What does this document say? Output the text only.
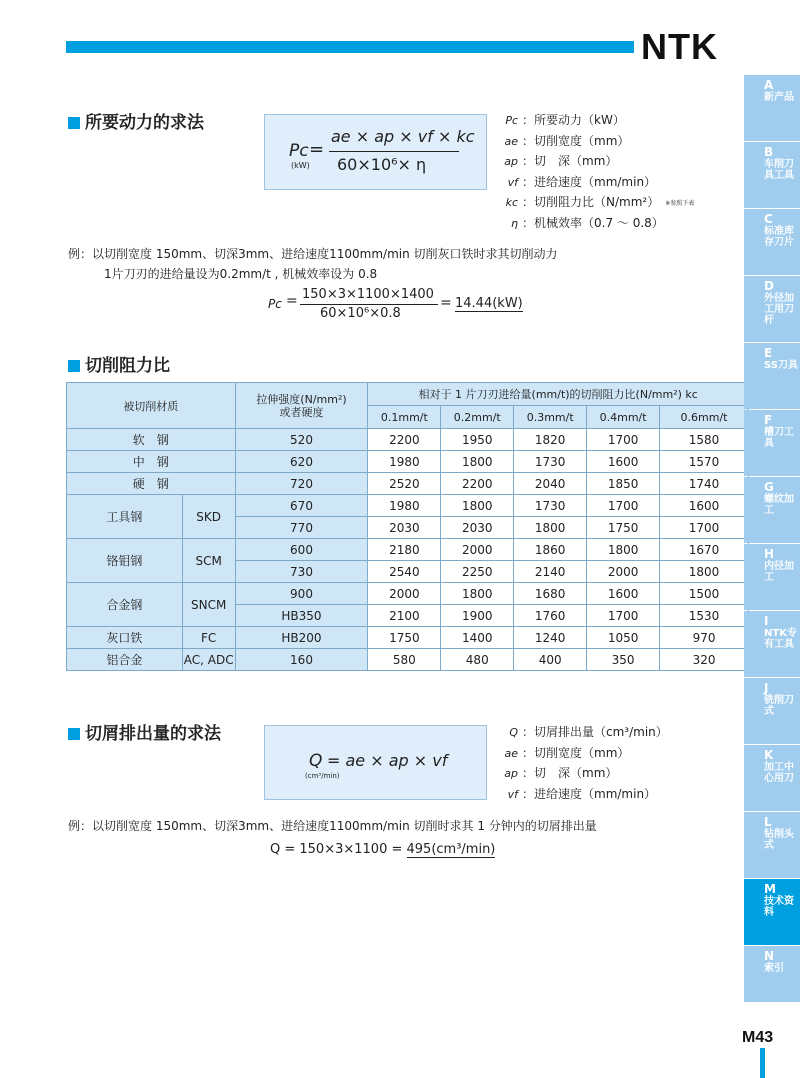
NTK
所要动力的求法
Pc
(kW)
=
ae × ap × vf × kc
60×10⁶× η
Pc ：所要动力（kW）
ae ：切削宽度（mm）
ap ：切　深（mm）
vf ：进给速度（mm/min）
kc ：切削阻力比（N/mm²） ※参照下表
η ：机械效率（0.7 ～ 0.8）
例：以切削宽度 150mm、切深3mm、进给速度1100mm/min 切削灰口铁时求其切削动力
1片刀刃的进给量设为0.2mm/t , 机械效率设为 0.8
Pc = 150×3×1100×1400
60×10⁶×0.8
= 14.44(kW)
切削阻力比
被切削材质		拉伸强度(N/mm²)
或者硬度	相对于 1 片刀刃进给量(mm/t)的切削阻力比(N/mm²) kc				
			0.1mm/t	0.2mm/t	0.3mm/t	0.4mm/t	0.6mm/t
软　钢		520	2200	1950	1820	1700	1580
中　钢		620	1980	1800	1730	1600	1570
硬　钢		720	2520	2200	2040	1850	1740
工具钢	SKD	670	1980	1800	1730	1700	1600
		770	2030	2030	1800	1750	1700
铬钼钢	SCM	600	2180	2000	1860	1800	1670
		730	2540	2250	2140	2000	1800
合金钢	SNCM	900	2000	1800	1680	1600	1500
		HB350	2100	1900	1760	1700	1530
灰口铁	FC	HB200	1750	1400	1240	1050	970
铝合金	AC, ADC	160	580	480	400	350	320
切屑排出量的求法
Q
(cm³/min)
= ae × ap × vf
Q ：切屑排出量（cm³/min）
ae ：切削宽度（mm）
ap ：切　深（mm）
vf ：进给速度（mm/min）
例：以切削宽度 150mm、切深3mm、进给速度1100mm/min 切削时求其 1 分钟内的切屑排出量
Q = 150×3×1100 = 495(cm³/min)
A
新产品
B
车削刀具工具
C
标准库存刀片
D
外径加工用刀杆
E
SS刀具
F
槽刀工具
G
螺纹加工
H
内径加工
I
NTK专有工具
J
铣削刀式
K
加工中心用刀
L
钻削头式
M
技术资料
N
索引
M43
